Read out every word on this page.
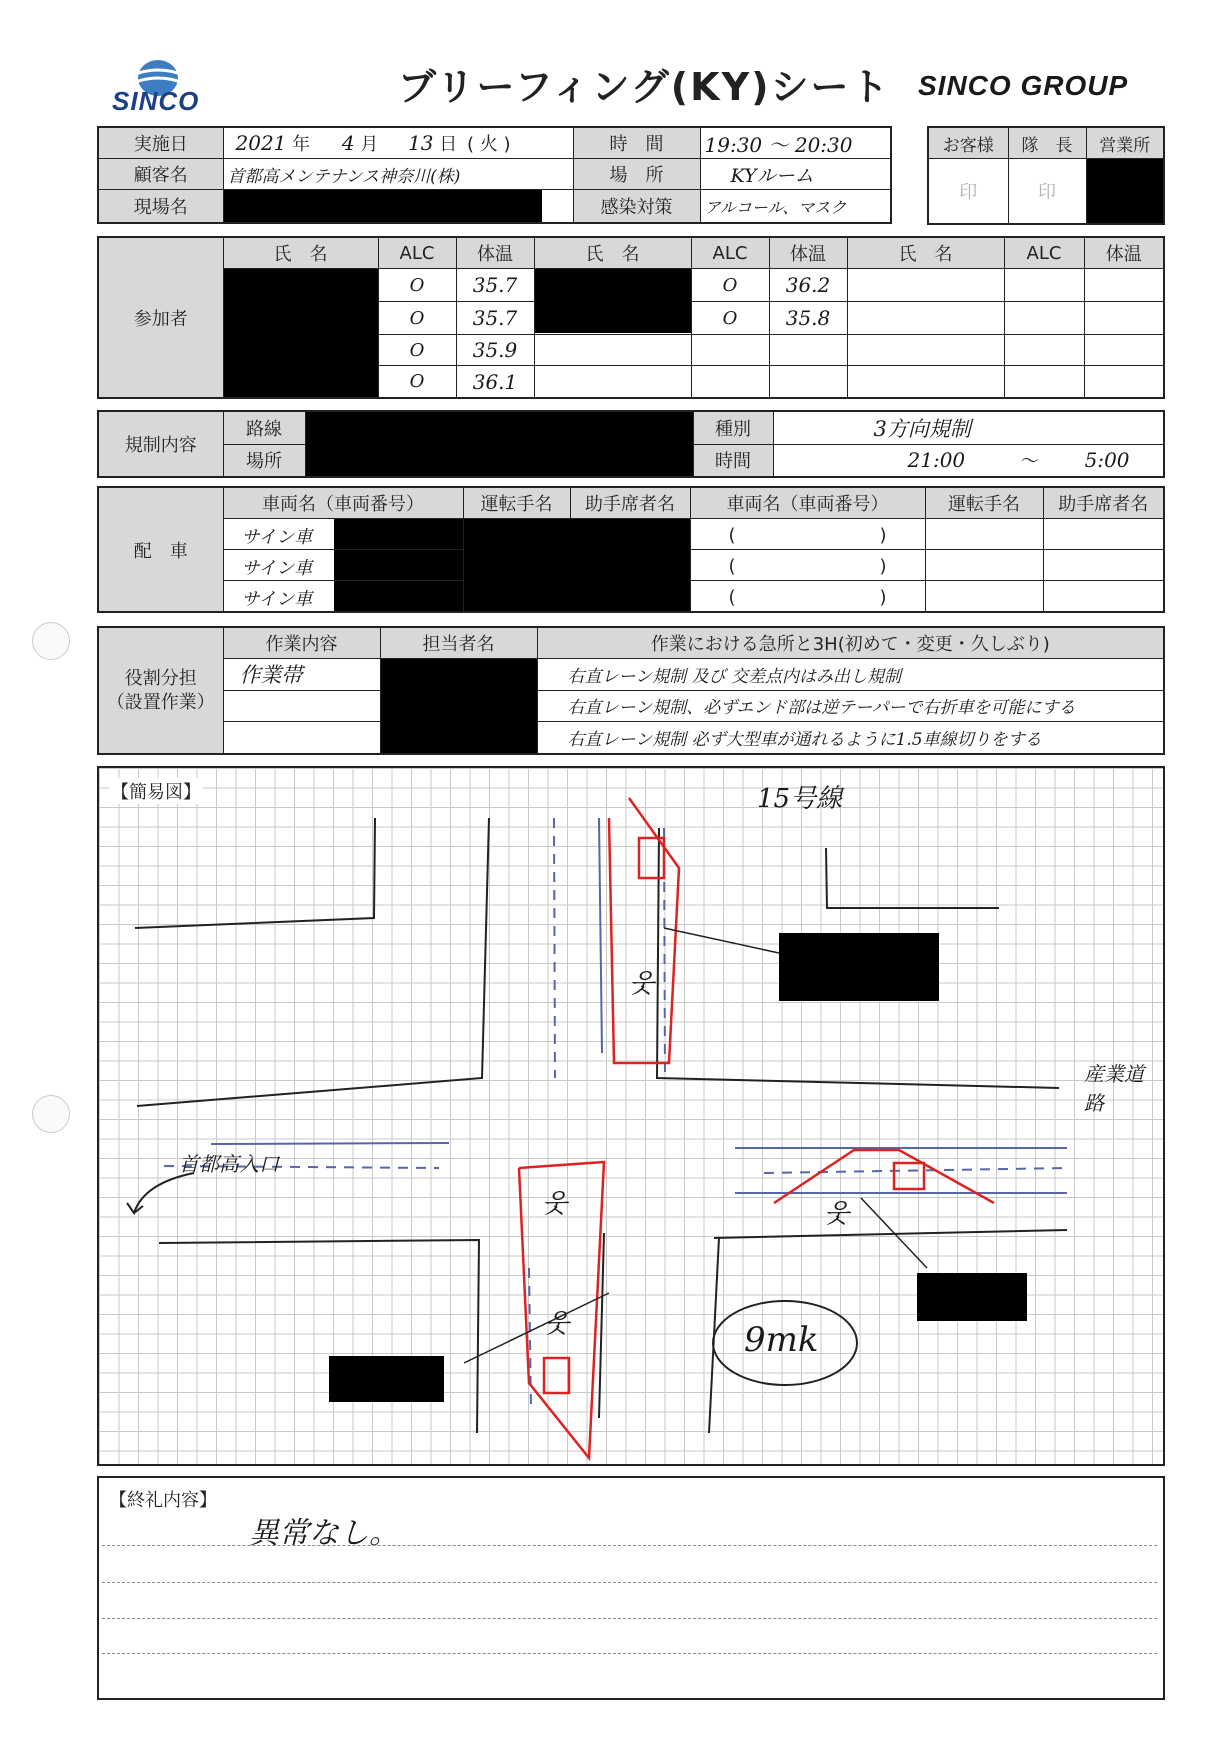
SINCO	ブリーフィング(KY)シート SINCO GROUP
実施日	2021 年 4 月 13 日 ( 火 )	時　間	19:30 〜 20:30
顧客名	首都高メンテナンス神奈川(株)	場　所	KYルーム
現場名		感染対策	アルコール、マスク
お客様	隊　長	営業所
印	印	
参加者	氏　名	ALC	体温	氏　名	ALC	体温	氏　名	ALC	体温

		O	35.7		O	36.2			
		O	35.7		O	35.8			
		O	35.9						
		O	36.1						
規制内容	路線		種別	3方向規制
	場所		時間	21:00 〜 5:00
配　車	車両名（車両番号）	運転手名	助手席者名	車両名（車両番号）	運転手名	助手席者名

	サイン車			(　　　　　　　　)		

	サイン車			(　　　　　　　　)		

	サイン車			(　　　　　　　　)		
役割分担
（設置作業）	作業内容	担当者名	作業における急所と3H(初めて・変更・久しぶり)
	作業帯		右直レーン規制 及び 交差点内はみ出し規制
			右直レーン規制、必ずエンド部は逆テーパーで右折車を可能にする
			右直レーン規制 必ず大型車が通れるように1.5車線切りをする
【簡易図】
웃
웃
웃
웃
15号線
産業道路
首都高入口
9mk
【終礼内容】
異常なし。
